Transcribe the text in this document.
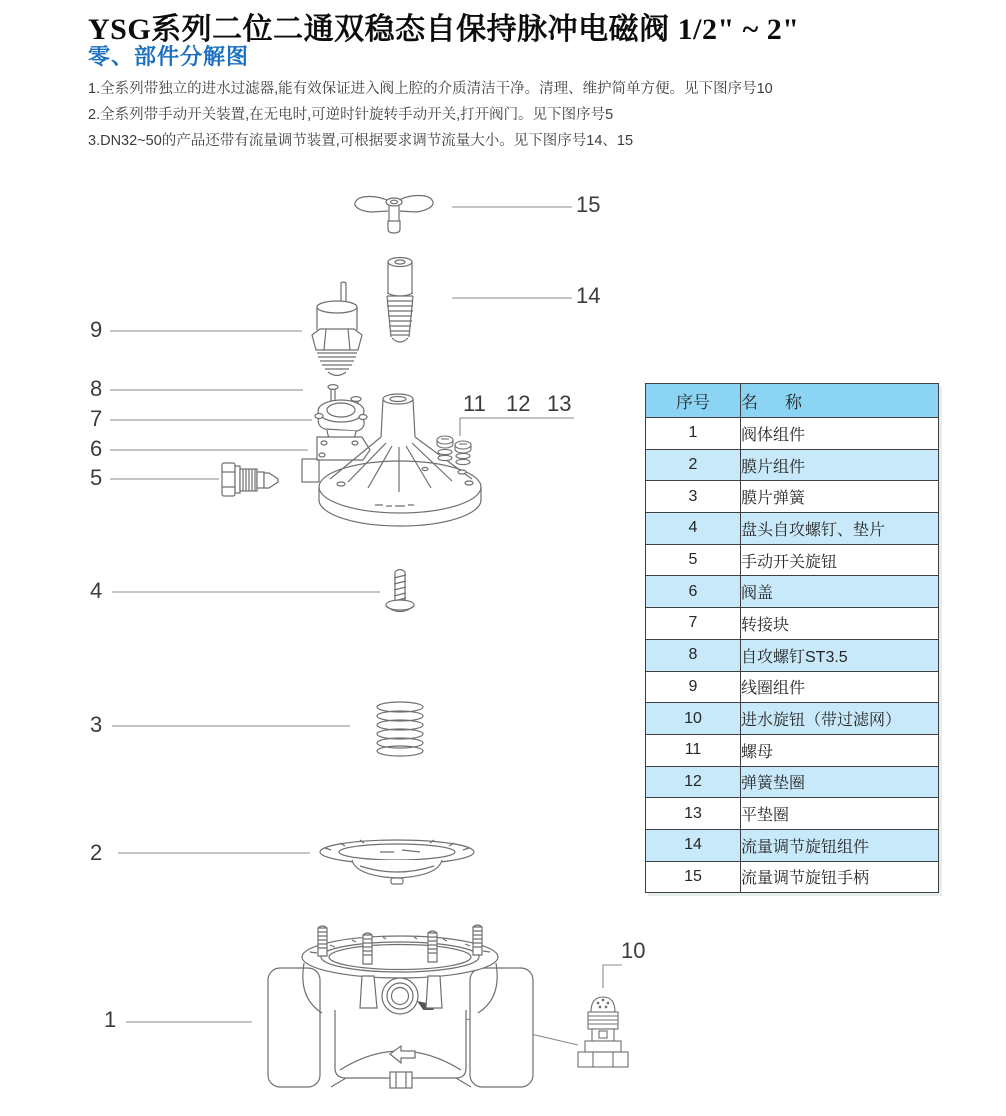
YSG系列二位二通双稳态自保持脉冲电磁阀 1/2" ~ 2"
零、部件分解图
1.全系列带独立的进水过滤器,能有效保证进入阀上腔的介质清洁干净。清理、维护简单方便。见下图序号10
2.全系列带手动开关装置,在无电时,可逆时针旋转手动开关,打开阀门。见下图序号5
3.DN32~50的产品还带有流量调节装置,可根据要求调节流量大小。见下图序号14、15
15
14
9
8
7
6
5
11 12 13
4
3
2
1
10
序号	名称
1	阀体组件
2	膜片组件
3	膜片弹簧
4	盘头自攻螺钉、垫片
5	手动开关旋钮
6	阀盖
7	转接块
8	自攻螺钉ST3.5
9	线圈组件
10	进水旋钮（带过滤网）
11	螺母
12	弹簧垫圈
13	平垫圈
14	流量调节旋钮组件
15	流量调节旋钮手柄
